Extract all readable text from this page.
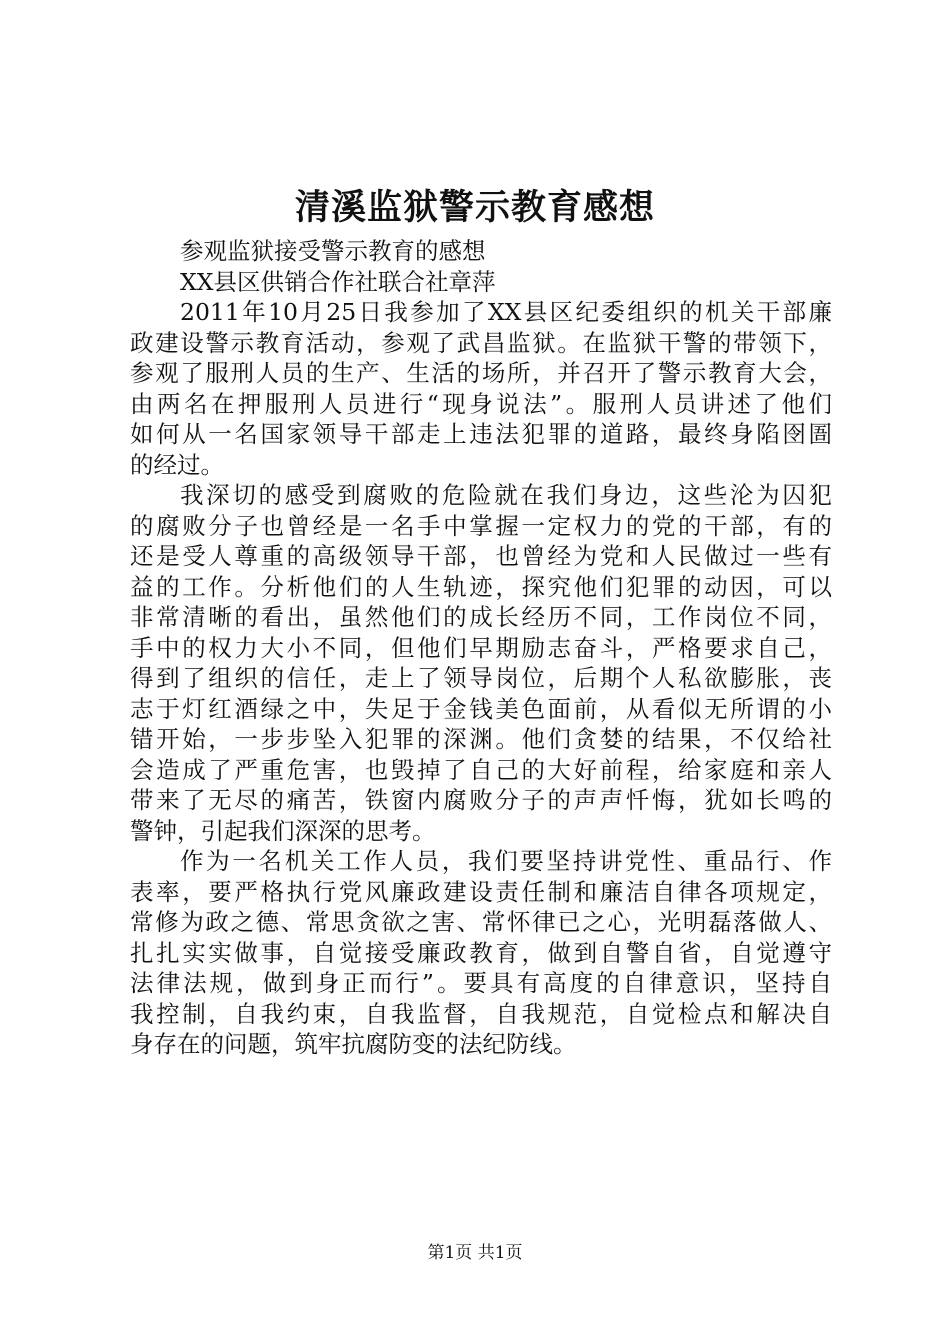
清溪监狱警示教育感想
参观监狱接受警示教育的感想
XX县区供销合作社联合社章萍
2011年10月25日我参加了XX县区纪委组织的机关干部廉
政建设警示教育活动，参观了武昌监狱。在监狱干警的带领下，
参观了服刑人员的生产、生活的场所，并召开了警示教育大会，
由两名在押服刑人员进行“现身说法”。服刑人员讲述了他们
如何从一名国家领导干部走上违法犯罪的道路，最终身陷囹圄
的经过。
我深切的感受到腐败的危险就在我们身边，这些沦为囚犯
的腐败分子也曾经是一名手中掌握一定权力的党的干部，有的
还是受人尊重的高级领导干部，也曾经为党和人民做过一些有
益的工作。分析他们的人生轨迹，探究他们犯罪的动因，可以
非常清晰的看出，虽然他们的成长经历不同，工作岗位不同，
手中的权力大小不同，但他们早期励志奋斗，严格要求自己，
得到了组织的信任，走上了领导岗位，后期个人私欲膨胀，丧
志于灯红酒绿之中，失足于金钱美色面前，从看似无所谓的小
错开始，一步步坠入犯罪的深渊。他们贪婪的结果，不仅给社
会造成了严重危害，也毁掉了自己的大好前程，给家庭和亲人
带来了无尽的痛苦，铁窗内腐败分子的声声忏悔，犹如长鸣的
警钟，引起我们深深的思考。
作为一名机关工作人员，我们要坚持讲党性、重品行、作
表率，要严格执行党风廉政建设责任制和廉洁自律各项规定，
常修为政之德、常思贪欲之害、常怀律已之心，光明磊落做人、
扎扎实实做事，自觉接受廉政教育，做到自警自省，自觉遵守
法律法规，做到身正而行”。要具有高度的自律意识，坚持自
我控制，自我约束，自我监督，自我规范，自觉检点和解决自
身存在的问题，筑牢抗腐防变的法纪防线。
第1页 共1页
